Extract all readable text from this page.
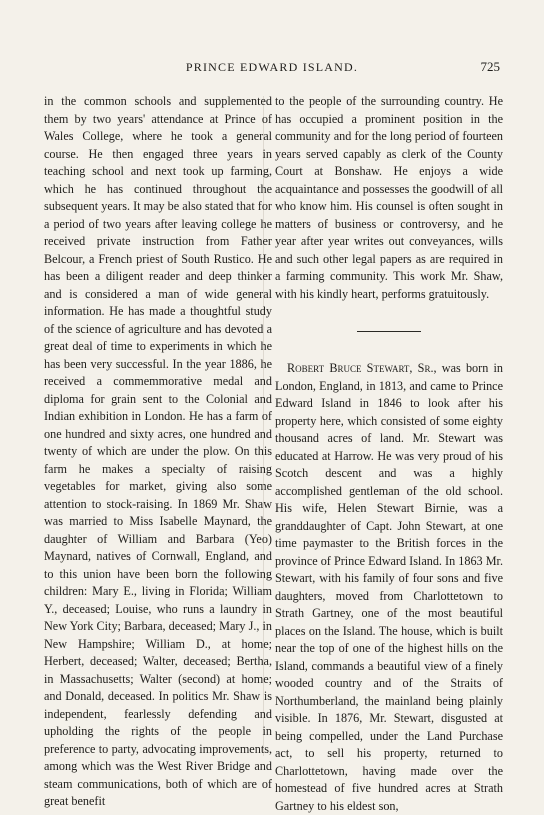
PRINCE EDWARD ISLAND.	725

in the common schools and supplemented them by two years' attendance at Prince of Wales College, where he took a general course. He then engaged three years in teaching school and next took up farming, which he has continued throughout the subsequent years. It may be also stated that for a period of two years after leaving college he received private instruction from Father Belcour, a French priest of South Rustico. He has been a diligent reader and deep thinker and is considered a man of wide general information. He has made a thoughtful study of the science of agriculture and has devoted a great deal of time to experiments in which he has been very successful. In the year 1886, he received a commemmorative medal and diploma for grain sent to the Colonial and Indian exhibition in London. He has a farm of one hundred and sixty acres, one hundred and twenty of which are under the plow. On this farm he makes a specialty of raising vegetables for market, giving also some attention to stock-raising. In 1869 Mr. Shaw was married to Miss Isabelle Maynard, the daughter of William and Barbara (Yeo) Maynard, natives of Cornwall, England, and to this union have been born the following children: Mary E., living in Florida; William Y., deceased; Louise, who runs a laundry in New York City; Barbara, deceased; Mary J., in New Hampshire; William D., at home; Herbert, deceased; Walter, deceased; Bertha, in Massachusetts; Walter (second) at home; and Donald, deceased. In politics Mr. Shaw is independent, fearlessly defending and upholding the rights of the people in preference to party, advocating improvements, among which was the West River Bridge and steam communications, both of which are of great benefit

to the people of the surrounding country. He has occupied a prominent position in the community and for the long period of fourteen years served capably as clerk of the County Court at Bonshaw. He enjoys a wide acquaintance and possesses the goodwill of all who know him. His counsel is often sought in matters of business or controversy, and he year after year writes out conveyances, wills and such other legal papers as are required in a farming community. This work Mr. Shaw, with his kindly heart, performs gratuitously.

Robert Bruce Stewart, Sr., was born in London, England, in 1813, and came to Prince Edward Island in 1846 to look after his property here, which consisted of some eighty thousand acres of land. Mr. Stewart was educated at Harrow. He was very proud of his Scotch descent and was a highly accomplished gentleman of the old school. His wife, Helen Stewart Birnie, was a granddaughter of Capt. John Stewart, at one time paymaster to the British forces in the province of Prince Edward Island. In 1863 Mr. Stewart, with his family of four sons and five daughters, moved from Charlottetown to Strath Gartney, one of the most beautiful places on the Island. The house, which is built near the top of one of the highest hills on the Island, commands a beautiful view of a finely wooded country and of the Straits of Northumberland, the mainland being plainly visible. In 1876, Mr. Stewart, disgusted at being compelled, under the Land Purchase act, to sell his property, returned to Charlottetown, having made over the homestead of five hundred acres at Strath Gartney to his eldest son,
